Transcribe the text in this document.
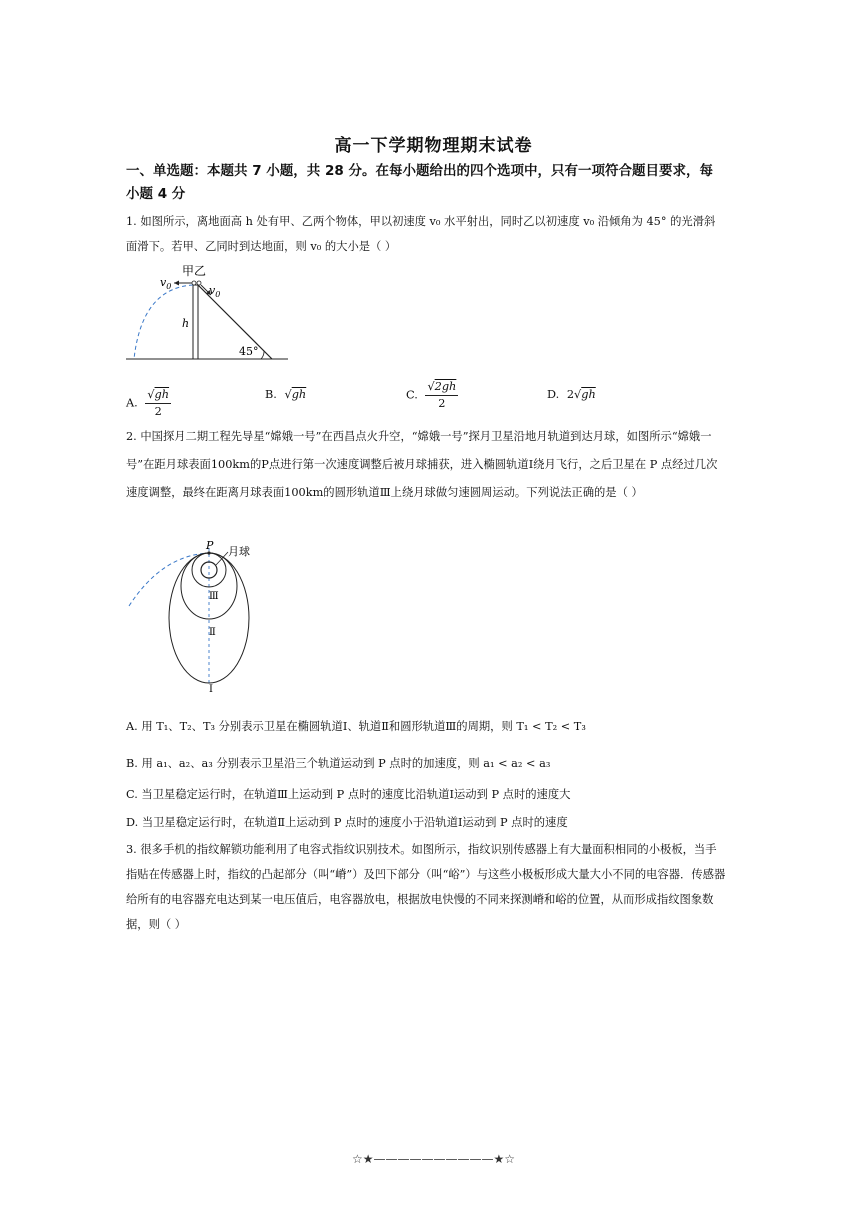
高一下学期物理期末试卷
一、单选题：本题共 7 小题，共 28 分。在每小题给出的四个选项中，只有一项符合题目要求，每小题 4 分
1. 如图所示，离地面高 h 处有甲、乙两个物体，甲以初速度 v₀ 水平射出，同时乙以初速度 v₀ 沿倾角为 45° 的光滑斜面滑下。若甲、乙同时到达地面，则 v₀ 的大小是（ ）
甲乙
$v_0$	$v_0$
h
45°
A. $\frac{√gh}{2}$	B. √gh	C. $\frac{√2gh}{2}$	D. 2√gh
2. 中国探月二期工程先导星“嫦娥一号”在西昌点火升空，“嫦娥一号”探月卫星沿地月轨道到达月球，如图所示“嫦娥一号”在距月球表面100km的P点进行第一次速度调整后被月球捕获，进入椭圆轨道Ⅰ绕月飞行，之后卫星在 P 点经过几次速度调整，最终在距离月球表面100km的圆形轨道Ⅲ上绕月球做匀速圆周运动。下列说法正确的是（ ）
P 月球
Ⅲ
Ⅱ
Ⅰ
A. 用 T₁、T₂、T₃ 分别表示卫星在椭圆轨道Ⅰ、轨道Ⅱ和圆形轨道Ⅲ的周期，则 T₁ < T₂ < T₃
B. 用 a₁、a₂、a₃ 分别表示卫星沿三个轨道运动到 P 点时的加速度，则 a₁ < a₂ < a₃
C. 当卫星稳定运行时，在轨道Ⅲ上运动到 P 点时的速度比沿轨道Ⅰ运动到 P 点时的速度大
D. 当卫星稳定运行时，在轨道Ⅱ上运动到 P 点时的速度小于沿轨道Ⅰ运动到 P 点时的速度
3. 很多手机的指纹解锁功能利用了电容式指纹识别技术。如图所示，指纹识别传感器上有大量面积相同的小极板，当手指贴在传感器上时，指纹的凸起部分（叫“嵴”）及凹下部分（叫“峪”）与这些小极板形成大量大小不同的电容器．传感器给所有的电容器充电达到某一电压值后，电容器放电，根据放电快慢的不同来探测嵴和峪的位置，从而形成指纹图象数据，则（ ）
☆★——————————★☆
